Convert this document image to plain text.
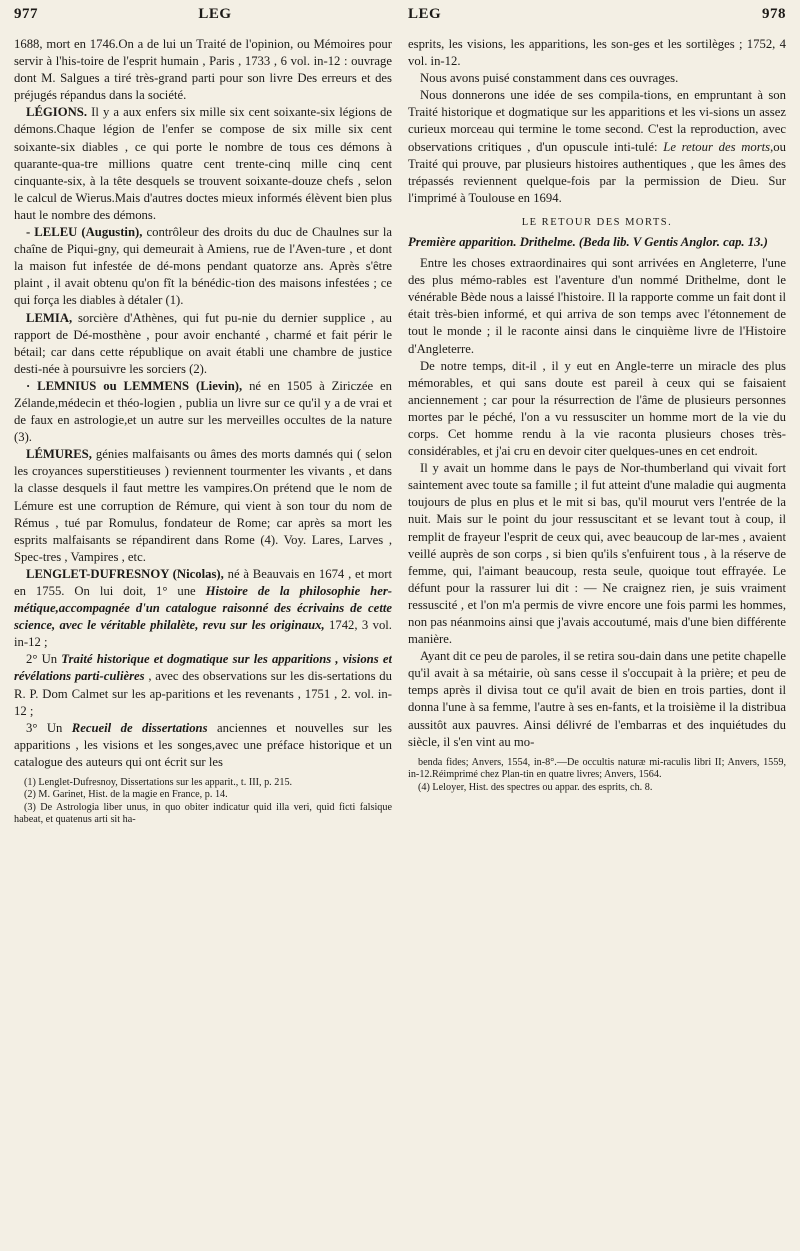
977	LEG	LEG	978

1688, mort en 1746.On a de lui un Traité de l'opinion, ou Mémoires pour servir à l'his-toire de l'esprit humain , Paris , 1733 , 6 vol. in-12 : ouvrage dont M. Salgues a tiré très-grand parti pour son livre Des erreurs et des préjugés répandus dans la société.

LÉGIONS. Il y a aux enfers six mille six cent soixante-six légions de démons.Chaque légion de l'enfer se compose de six mille six cent soixante-six diables , ce qui porte le nombre de tous ces démons à quarante-qua-tre millions quatre cent trente-cinq mille cinq cent cinquante-six, à la tête desquels se trouvent soixante-douze chefs , selon le calcul de Wierus.Mais d'autres doctes mieux informés élèvent bien plus haut le nombre des démons.

- LELEU (Augustin), contrôleur des droits du duc de Chaulnes sur la chaîne de Piqui-gny, qui demeurait à Amiens, rue de l'Aven-ture , et dont la maison fut infestée de dé-mons pendant quatorze ans. Après s'être plaint , il avait obtenu qu'on fît la bénédic-tion des maisons infestées ; ce qui força les diables à détaler (1).

LEMIA, sorcière d'Athènes, qui fut pu-nie du dernier supplice , au rapport de Dé-mosthène , pour avoir enchanté , charmé et fait périr le bétail; car dans cette république on avait établi une chambre de justice desti-née à poursuivre les sorciers (2).

· LEMNIUS ou LEMMENS (Lievin), né en 1505 à Ziriczée en Zélande,médecin et théo-logien , publia un livre sur ce qu'il y a de vrai et de faux en astrologie,et un autre sur les merveilles occultes de la nature (3).

LÉMURES, génies malfaisants ou âmes des morts damnés qui ( selon les croyances superstitieuses ) reviennent tourmenter les vivants , et dans la classe desquels il faut mettre les vampires.On prétend que le nom de Lémure est une corruption de Rémure, qui vient à son tour du nom de Rémus , tué par Romulus, fondateur de Rome; car après sa mort les esprits malfaisants se répandirent dans Rome (4). Voy. Lares, Larves , Spec-tres , Vampires , etc.

LENGLET-DUFRESNOY (Nicolas), né à Beauvais en 1674 , et mort en 1755. On lui doit, 1° une Histoire de la philosophie her-métique,accompagnée d'un catalogue raisonné des écrivains de cette science, avec le véritable philalète, revu sur les originaux, 1742, 3 vol. in-12 ;

2° Un Traité historique et dogmatique sur les apparitions , visions et révélations parti-culières , avec des observations sur les dis-sertations du R. P. Dom Calmet sur les ap-paritions et les revenants , 1751 , 2. vol. in-12 ;

3° Un Recueil de dissertations anciennes et nouvelles sur les apparitions , les visions et les songes,avec une préface historique et un catalogue des auteurs qui ont écrit sur les

(1) Lenglet-Dufresnoy, Dissertations sur les apparit., t. III, p. 215.

(2) M. Garinet, Hist. de la magie en France, p. 14.

(3) De Astrologia liber unus, in quo obiter indicatur quid illa veri, quid ficti falsique habeat, et quatenus arti sit ha-

esprits, les visions, les apparitions, les son-ges et les sortilèges ; 1752, 4 vol. in-12.

Nous avons puisé constamment dans ces ouvrages.

Nous donnerons une idée de ses compila-tions, en empruntant à son Traité historique et dogmatique sur les apparitions et les vi-sions un assez curieux morceau qui termine le tome second. C'est la reproduction, avec observations critiques , d'un opuscule inti-tulé: Le retour des morts,ou Traité qui prouve, par plusieurs histoires authentiques , que les âmes des trépassés reviennent quelque-fois par la permission de Dieu. Sur l'imprimé à Toulouse en 1694.

LE RETOUR DES MORTS.

Première apparition. Drithelme. (Beda lib. V Gentis Anglor. cap. 13.)

Entre les choses extraordinaires qui sont arrivées en Angleterre, l'une des plus mémo-rables est l'aventure d'un nommé Drithelme, dont le vénérable Bède nous a laissé l'histoire. Il la rapporte comme un fait dont il était très-bien informé, et qui arriva de son temps avec l'étonnement de tout le monde ; il le raconte ainsi dans le cinquième livre de l'Histoire d'Angleterre.

De notre temps, dit-il , il y eut en Angle-terre un miracle des plus mémorables, et qui sans doute est pareil à ceux qui se faisaient anciennement ; car pour la résurrection de l'âme de plusieurs personnes mortes par le péché, l'on a vu ressusciter un homme mort de la vie du corps. Cet homme rendu à la vie raconta plusieurs choses très-considérables, et j'ai cru en devoir citer quelques-unes en cet endroit.

Il y avait un homme dans le pays de Nor-thumberland qui vivait fort saintement avec toute sa famille ; il fut atteint d'une maladie qui augmenta toujours de plus en plus et le mit si bas, qu'il mourut vers l'entrée de la nuit. Mais sur le point du jour ressuscitant et se levant tout à coup, il remplit de frayeur l'esprit de ceux qui, avec beaucoup de lar-mes , avaient veillé auprès de son corps , si bien qu'ils s'enfuirent tous , à la réserve de femme, qui, l'aimant beaucoup, resta seule, quoique tout effrayée. Le défunt pour la rassurer lui dit : — Ne craignez rien, je suis vraiment ressuscité , et l'on m'a permis de vivre encore une fois parmi les hommes, non pas néanmoins ainsi que j'avais accoutumé, mais d'une bien différente manière.

Ayant dit ce peu de paroles, il se retira sou-dain dans une petite chapelle qu'il avait à sa métairie, où sans cesse il s'occupait à la prière; et peu de temps après il divisa tout ce qu'il avait de bien en trois parties, dont il donna l'une à sa femme, l'autre à ses en-fants, et la troisième il la distribua aussitôt aux pauvres. Ainsi délivré de l'embarras et des inquiétudes du siècle, il s'en vint au mo-

benda fides; Anvers, 1554, in-8°.—De occultis naturæ mi-raculis libri II; Anvers, 1559, in-12.Réimprimé chez Plan-tin en quatre livres; Anvers, 1564.

(4) Leloyer, Hist. des spectres ou appar. des esprits, ch. 8.
